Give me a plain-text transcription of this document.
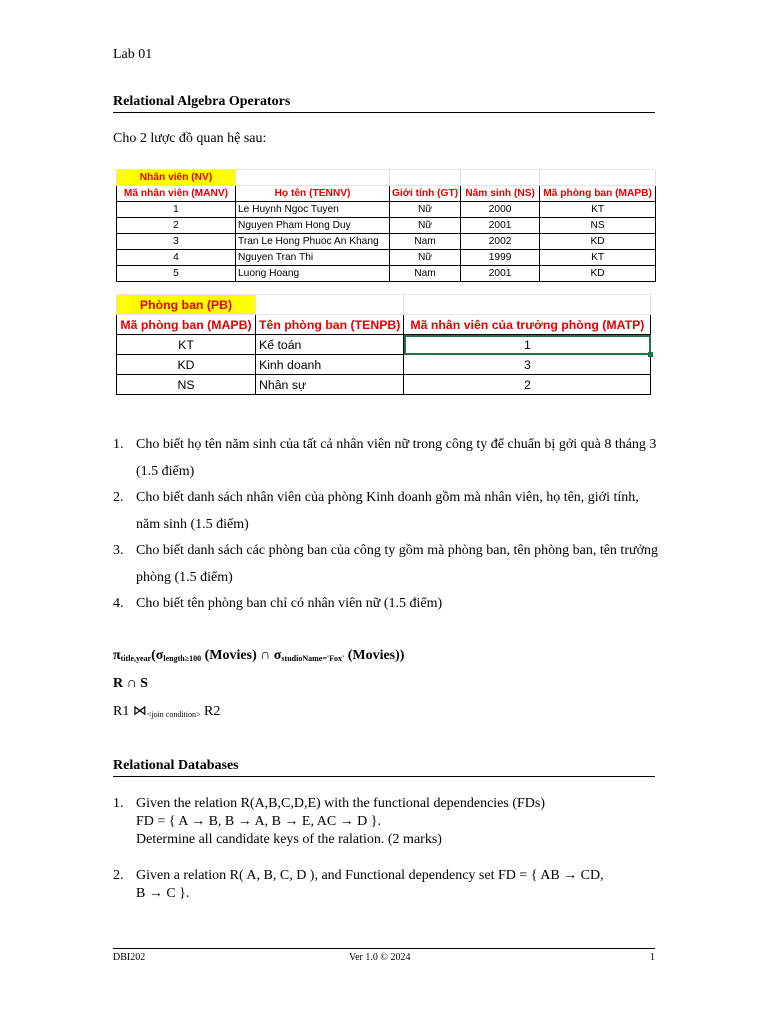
Lab 01
Relational Algebra Operators
Cho 2 lược đồ quan hệ sau:
Nhân viên (NV)				
Mã nhân viên (MANV)	Họ tên (TENNV)	Giới tính (GT)	Năm sinh (NS)	Mã phòng ban (MAPB)
1	Le Huynh Ngoc Tuyen	Nữ	2000	KT
2	Nguyen Pham Hong Duy	Nữ	2001	NS
3	Tran Le Hong Phuoc An Khang	Nam	2002	KD
4	Nguyen Tran Thi	Nữ	1999	KT
5	Luong Hoang	Nam	2001	KD
Phòng ban (PB)		
Mã phòng ban (MAPB)	Tên phòng ban (TENPB)	Mã nhân viên của trưởng phòng (MATP)
KT	Kế toán	1

KD	Kinh doanh	3
NS	Nhân sự	2
1. Cho biết họ tên năm sinh của tất cả nhân viên nữ trong công ty để chuẩn bị gởi quà 8 tháng 3 (1.5 điểm)
2. Cho biết danh sách nhân viên của phòng Kinh doanh gồm mà nhân viên, họ tên, giới tính, năm sinh (1.5 điểm)
3. Cho biết danh sách các phòng ban của công ty gồm mà phòng ban, tên phòng ban, tên trưởng phòng (1.5 điểm)
4. Cho biết tên phòng ban chỉ có nhân viên nữ (1.5 điểm)
$\pi_{title,year}(\sigma_{length\ge 100}$ (Movies) ∩ $\sigma_{studioName='Fox'}$ (Movies))
R ∩ S
R1 $⋈_{<join condition>}$ R2
Relational Databases
1. Given the relation R(A,B,C,D,E) with the functional dependencies (FDs)
FD = { A → B, B → A, B → E, AC → D }.
Determine all candidate keys of the ralation. (2 marks)
2. Given a relation R( A, B, C, D ), and Functional dependency set FD = { AB → CD,
B → C }.
DBI202	Ver 1.0 © 2024	1
